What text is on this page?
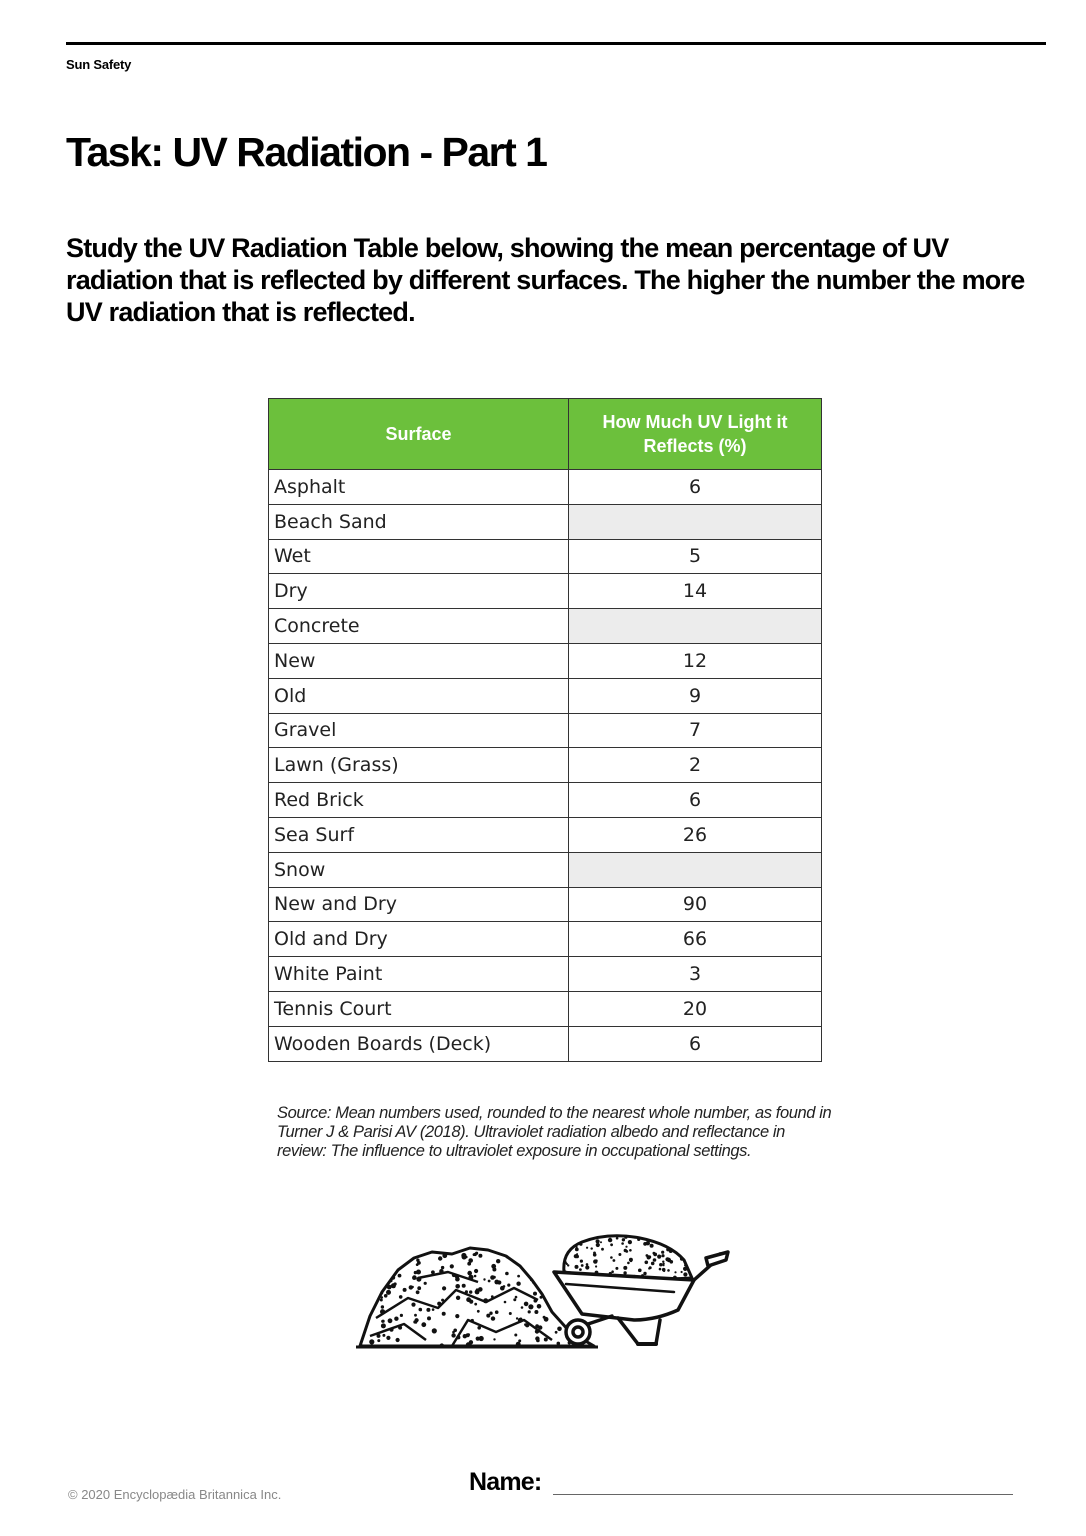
Sun Safety
Task: UV Radiation - Part 1

Study the UV Radiation Table below, showing the mean percentage of UV radiation that is reflected by different surfaces. The higher the number the more UV radiation that is reflected.

Surface	How Much UV Light it Reflects (%)
Asphalt	6
Beach Sand	
Wet	5
Dry	14
Concrete	
New	12
Old	9
Gravel	7
Lawn (Grass)	2
Red Brick	6
Sea Surf	26
Snow	
New and Dry	90
Old and Dry	66
White Paint	3
Tennis Court	20
Wooden Boards (Deck)	6

Source: Mean numbers used, rounded to the nearest whole number, as found in Turner J & Parisi AV (2018). Ultraviolet radiation albedo and reflectance in review: The influence to ultraviolet exposure in occupational settings.

© 2020 Encyclopædia Britannica Inc.	Name:
